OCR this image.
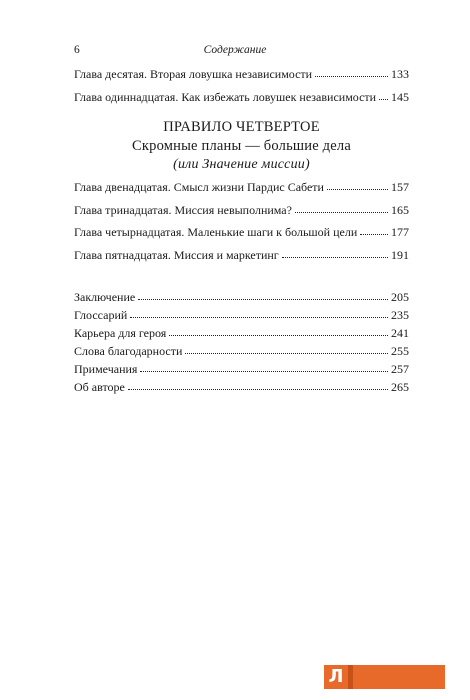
6	Содержание
Глава десятая. Вторая ловушка независимости	133
Глава одиннадцатая. Как избежать ловушек независимости 145
ПРАВИЛО ЧЕТВЕРТОЕ
Скромные планы — большие дела
(или Значение миссии)
Глава двенадцатая. Смысл жизни Пардис Сабети	157
Глава тринадцатая. Миссия невыполнима?	165
Глава четырнадцатая. Маленькие шаги к большой цели	177
Глава пятнадцатая. Миссия и маркетинг	191
Заключение	205
Глоссарий	235
Карьера для героя	241
Слова благодарности	255
Примечания	257
Об авторе	265
Л
